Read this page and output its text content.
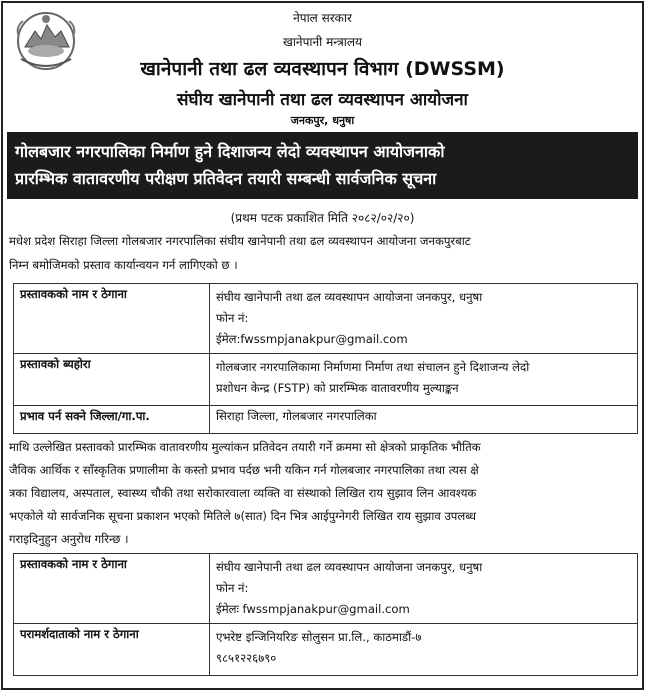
नेपाल सरकार
खानेपानी मन्त्रालय
खानेपानी तथा ढल व्यवस्थापन विभाग (DWSSM)
संघीय खानेपानी तथा ढल व्यवस्थापन आयोजना
जनकपुर, धनुषा
गोलबजार नगरपालिका निर्माण हुने दिशाजन्य लेदो व्यवस्थापन आयोजनाको
प्रारम्भिक वातावरणीय परीक्षण प्रतिवेदन तयारी सम्बन्धी सार्वजनिक सूचना
(प्रथम पटक प्रकाशित मिति २०८२/०२/२०)
मधेश प्रदेश सिराहा जिल्ला गोलबजार नगरपालिका संघीय खानेपानी तथा ढल व्यवस्थापन आयोजना जनकपुरबाट
निम्न बमोजिमको प्रस्ताव कार्यान्वयन गर्न लागिएको छ ।
प्रस्तावकको नाम र ठेगाना	संघीय खानेपानी तथा ढल व्यवस्थापन आयोजना जनकपुर, धनुषा
फोन नं:
ईमेल:fwssmpjanakpur@gmail.com

प्रस्तावको ब्यहोरा	गोलबजार नगरपालिकामा निर्माणमा निर्माण तथा संचालन हुने दिशाजन्य लेदो
प्रशोधन केन्द्र (FSTP) को प्रारम्भिक वातावरणीय मुल्याङ्कन

प्रभाव पर्न सक्ने जिल्ला/गा.पा.	सिराहा जिल्ला, गोलबजार नगरपालिका
माथि उल्लेखित प्रस्तावको प्रारम्भिक वातावरणीय मुल्यांकन प्रतिवेदन तयारी गर्ने क्रममा सो क्षेत्रको प्राकृतिक भौतिक
जैविक आर्थिक र साँस्कृतिक प्रणालीमा के कस्तो प्रभाव पर्दछ भनी यकिन गर्न गोलबजार नगरपालिका तथा त्यस क्षे
त्रका विद्यालय, अस्पताल, स्वास्थ्य चौकी तथा सरोकारवाला व्यक्ति वा संस्थाको लिखित राय सुझाव लिन आवश्यक
भएकोले यो सार्वजनिक सूचना प्रकाशन भएको मितिले ७(सात) दिन भित्र आईपुग्नेगरी लिखित राय सुझाव उपलब्ध
गराइदिनुहुन अनुरोध गरिन्छ ।
प्रस्तावकको नाम र ठेगाना	संघीय खानेपानी तथा ढल व्यवस्थापन आयोजना जनकपुर, धनुषा
फोन नं:
ईमेलः fwssmpjanakpur@gmail.com

परामर्शदाताको नाम र ठेगाना	एभरेष्ट इन्जिनियरिङ सोलुसन प्रा.लि., काठमाडौं-७
९८५१२२६७९०
